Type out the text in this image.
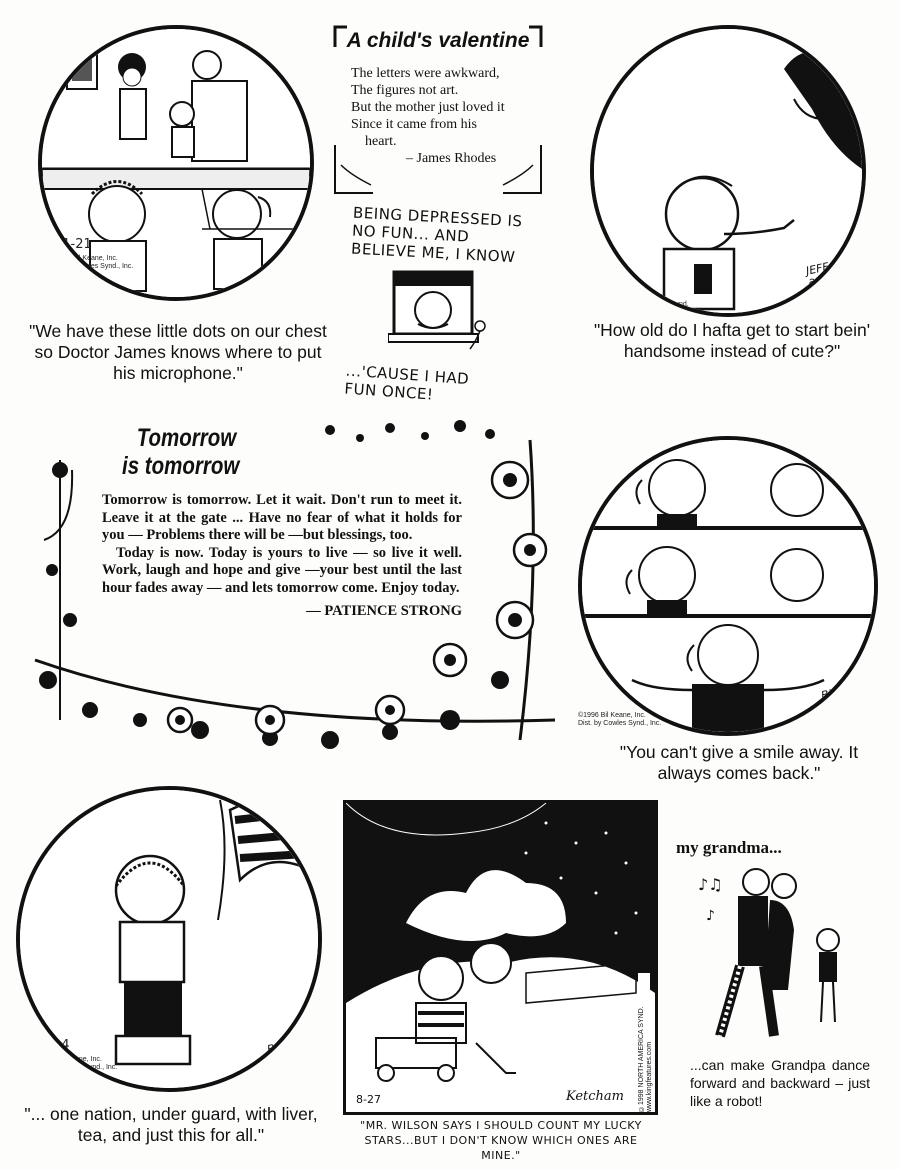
11-21
©1994 Bil Keane, Inc.
Dist. by Cowles Synd., Inc.	BIL KEANE
"We have these little dots on our chest so Doctor James knows where to put his microphone."
A child's valentine
The letters were awkward,
The figures not art.
But the mother just loved it
Since it came from his
heart.
– James Rhodes
BEING DEPRESSED IS NO FUN... AND BELIEVE ME, I KNOW
...'CAUSE I HAD FUN ONCE!
7-5
©2000 Bil Keane, Inc.
Dist. by King Features Synd.
JEFF and BIL KEANE
"How old do I hafta get to start bein' handsome instead of cute?"
Tomorrow
is tomorrow

Tomorrow is tomorrow. Let it wait. Don't run to meet it. Leave it at the gate ... Have no fear of what it holds for you — Problems there will be —but blessings, too.

Today is now. Today is yours to live — so live it well. Work, laugh and hope and give —your best until the last hour fades away — and lets tomorrow come. Enjoy today.

— PATIENCE STRONG

2-10	BIL KEANE
©1996 Bil Keane, Inc.
Dist. by Cowles Synd., Inc.
"You can't give a smile away. It always comes back."
6-14
©1999 Bil Keane, Inc.
Dist. by Cowles Synd., Inc.
BIL KEANE
"... one nation, under guard, with liver, tea, and just this for all."
8-27	Ketcham ©1998 NORTH AMERICA SYND. www.kingfeatures.com
"MR. WILSON SAYS I SHOULD COUNT MY LUCKY STARS...BUT I DON'T KNOW WHICH ONES ARE MINE."
my grandma...
♪♫
♪
...can make Grandpa dance forward and backward – just like a robot!
